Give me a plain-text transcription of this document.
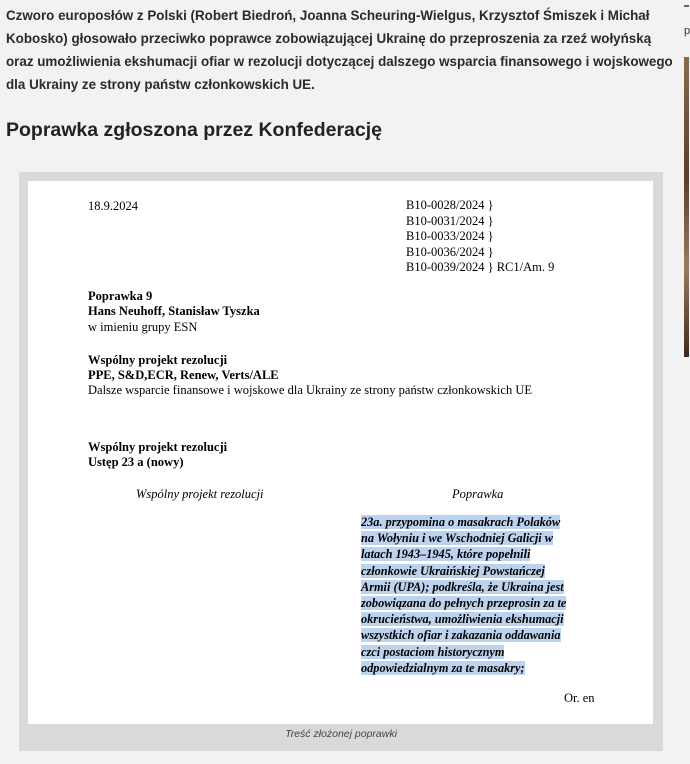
Czworo europosłów z Polski (Robert Biedroń, Joanna Scheuring-Wielgus, Krzysztof Śmiszek i Michał Kobosko) głosowało przeciwko poprawce zobowiązującej Ukrainę do przeproszenia za rzeź wołyńską oraz umożliwienia ekshumacji ofiar w rezolucji dotyczącej dalszego wsparcia finansowego i wojskowego dla Ukrainy ze strony państw członkowskich UE.

Poprawka zgłoszona przez Konfederację
p
18.9.2024	B10-0028/2024 }
B10-0031/2024 }
B10-0033/2024 }
B10-0036/2024 }
B10-0039/2024 } RC1/Am. 9
Poprawka 9
Hans Neuhoff, Stanisław Tyszka
w imieniu grupy ESN
Wspólny projekt rezolucji
PPE, S&D,ECR, Renew, Verts/ALE
Dalsze wsparcie finansowe i wojskowe dla Ukrainy ze strony państw członkowskich UE
Wspólny projekt rezolucji
Ustęp 23 a (nowy)
Wspólny projekt rezolucji	Poprawka
23a. przypomina o masakrach Polaków
na Wołyniu i we Wschodniej Galicji w
latach 1943–1945, które popełnili
członkowie Ukraińskiej Powstańczej
Armii (UPA); podkreśla, że Ukraina jest
zobowiązana do pełnych przeprosin za te
okrucieństwa, umożliwienia ekshumacji
wszystkich ofiar i zakazania oddawania
czci postaciom historycznym
odpowiedzialnym za te masakry;
Or. en
Treść złożonej poprawki
